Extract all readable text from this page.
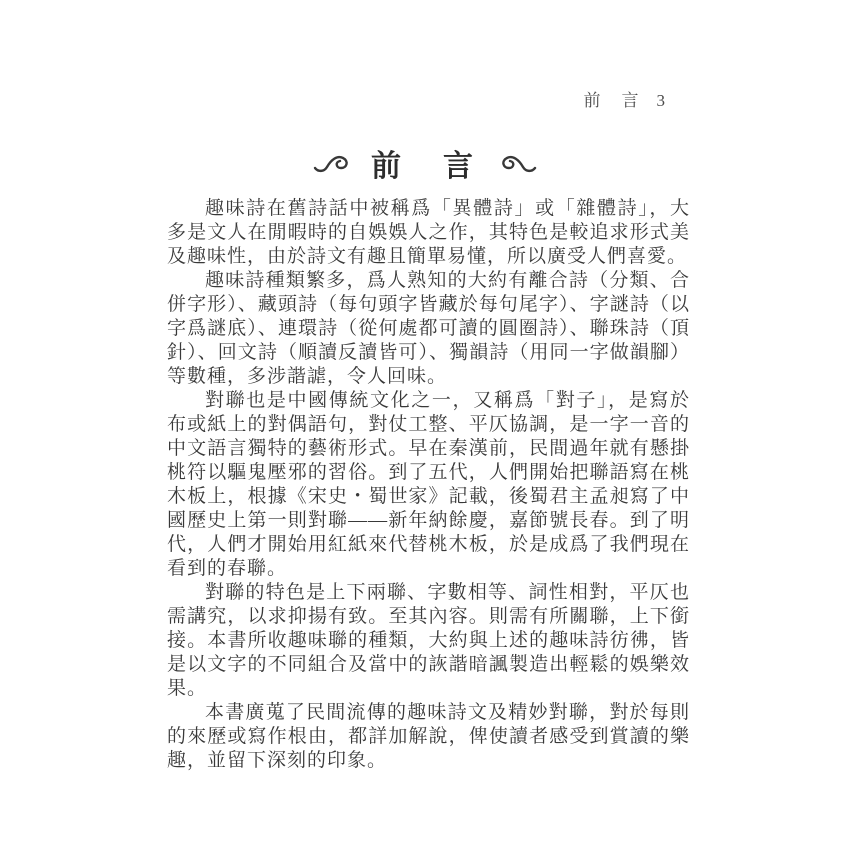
前　言 3
前　言

趣味詩在舊詩話中被稱爲「異體詩」或「雜體詩」，大多是文人在閒暇時的自娛娛人之作，其特色是較追求形式美及趣味性，由於詩文有趣且簡單易懂，所以廣受人們喜愛。

趣味詩種類繁多，爲人熟知的大約有離合詩（分類、合併字形）、藏頭詩（每句頭字皆藏於每句尾字）、字謎詩（以字爲謎底）、連環詩（從何處都可讀的圓圈詩）、聯珠詩（頂針）、回文詩（順讀反讀皆可）、獨韻詩（用同一字做韻腳）等數種，多涉諧謔，令人回味。

對聯也是中國傳統文化之一，又稱爲「對子」，是寫於布或紙上的對偶語句，對仗工整、平仄協調，是一字一音的中文語言獨特的藝術形式。早在秦漢前，民間過年就有懸掛桃符以驅鬼壓邪的習俗。到了五代，人們開始把聯語寫在桃木板上，根據《宋史・蜀世家》記載，後蜀君主孟昶寫了中國歷史上第一則對聯——新年納餘慶，嘉節號長春。到了明代，人們才開始用紅紙來代替桃木板，於是成爲了我們現在看到的春聯。

對聯的特色是上下兩聯、字數相等、詞性相對，平仄也需講究，以求抑揚有致。至其內容。則需有所關聯，上下銜接。本書所收趣味聯的種類，大約與上述的趣味詩彷彿，皆是以文字的不同組合及當中的詼諧暗諷製造出輕鬆的娛樂效果。

本書廣蒐了民間流傳的趣味詩文及精妙對聯，對於每則的來歷或寫作根由，都詳加解說，俾使讀者感受到賞讀的樂趣，並留下深刻的印象。
